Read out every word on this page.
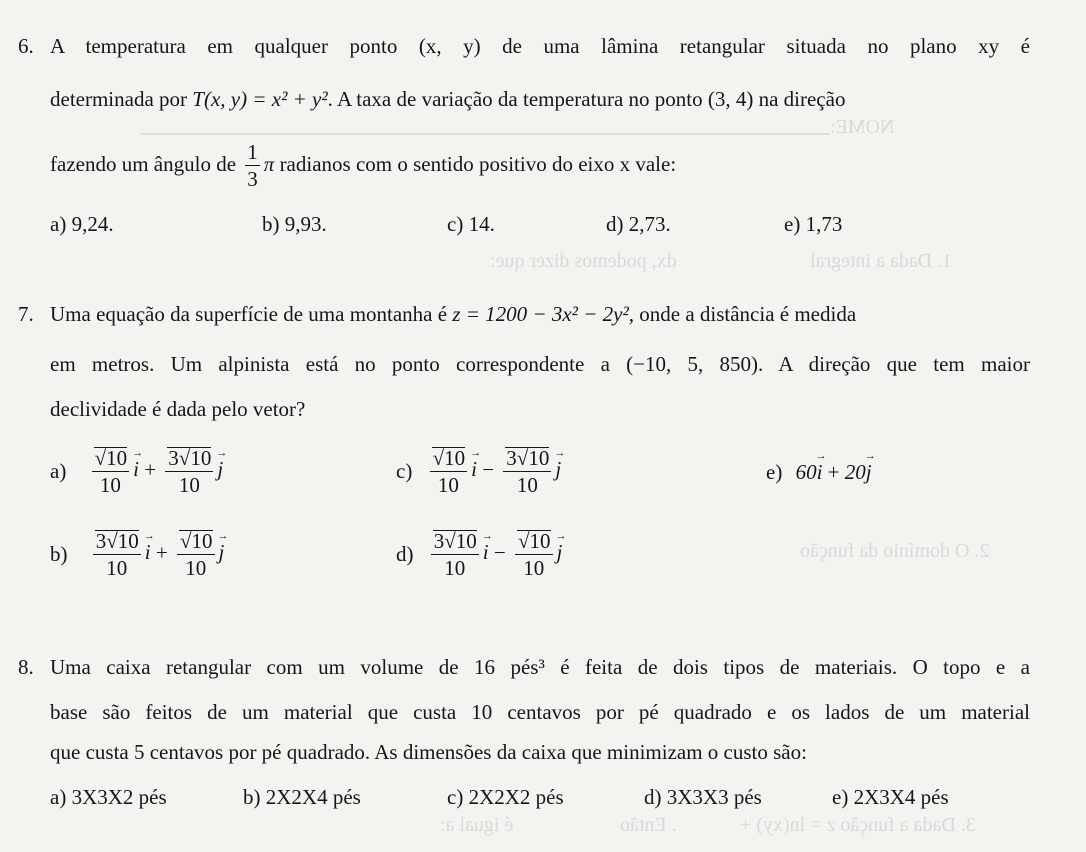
NOME:
1. Dada a integral
dx, podemos dizer que:
2. O domínio da função
3. Dada a função z = ln(xy) +
. Então
é igual a:
6. A temperatura em qualquer ponto (x, y) de uma lâmina retangular situada no plano xy é
determinada por T(x, y) = x² + y². A taxa de variação da temperatura no ponto (3, 4) na direção
fazendo um ângulo de $\frac{1}{3}$ π radianos com o sentido positivo do eixo x vale:
a) 9,24.	b) 9,93.	c) 14.	d) 2,73.	e) 1,73
7. Uma equação da superfície de uma montanha é z = 1200 − 3x² − 2y², onde a distância é medida
em metros. Um alpinista está no ponto correspondente a (−10, 5, 850). A direção que tem maior
declividade é dada pelo vetor?
$a) \frac{√10}{10}$
→ $i + \frac{3√10}{10}$
→ j
$b) \frac{3√10}{10}$
→ $i + \frac{√10}{10}$
→ j
$c) \frac{√10}{10}$
→ $i - \frac{3√10}{10}$
→ j
$d) \frac{3√10}{10}$
→ $i - \frac{√10}{10}$
→ j
e) 60→ i + 20→ j
8. Uma caixa retangular com um volume de 16 pés³ é feita de dois tipos de materiais. O topo e a
base são feitos de um material que custa 10 centavos por pé quadrado e os lados de um material
que custa 5 centavos por pé quadrado. As dimensões da caixa que minimizam o custo são:
a) 3X3X2 pés	b) 2X2X4 pés	c) 2X2X2 pés	d) 3X3X3 pés	e) 2X3X4 pés
